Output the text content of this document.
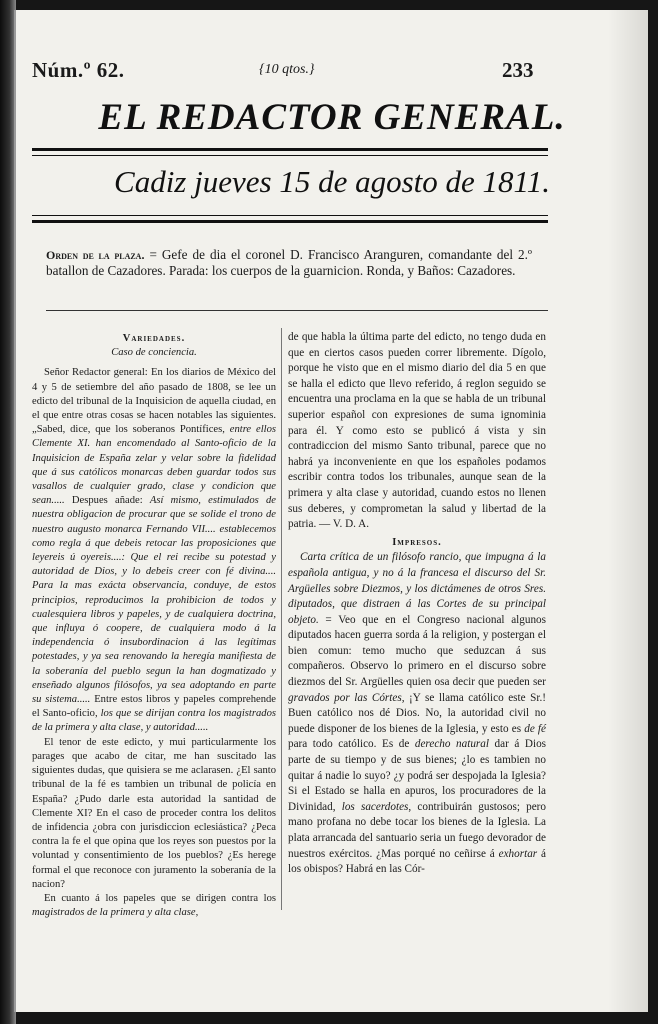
Núm.º 62.	{10 qtos.}	233
EL REDACTOR GENERAL.
Cadiz jueves 15 de agosto de 1811.
Orden de la plaza. = Gefe de dia el coronel D. Francisco Aranguren, comandante del 2.º batallon de Cazadores. Parada: los cuerpos de la guarnicion. Ronda, y Baños: Cazadores.
Variedades.
Caso de conciencia.

Señor Redactor general: En los diarios de México del 4 y 5 de setiembre del año pasado de 1808, se lee un edicto del tribunal de la Inquisicion de aquella ciudad, en el que entre otras cosas se hacen notables las siguientes. „Sabed, dice, que los soberanos Pontífices, entre ellos Clemente XI. han encomendado al Santo-oficio de la Inquisicion de España zelar y velar sobre la fidelidad que á sus católicos monarcas deben guardar todos sus vasallos de cualquier grado, clase y condicion que sean..... Despues añade: Así mismo, estimulados de nuestra obligacion de procurar que se solide el trono de nuestro augusto monarca Fernando VII.... establecemos como regla á que debeis retocar las proposiciones que leyereis ú oyereis....: Que el rei recibe su potestad y autoridad de Dios, y lo debeis creer con fé divina.... Para la mas exácta observancia, conduye, de estos principios, reproducimos la prohibicion de todos y cualesquiera libros y papeles, y de cualquiera doctrina, que influya ó coopere, de cualquiera modo á la independencia ó insubordinacion á las legítimas potestades, y ya sea renovando la heregía manifiesta de la soberanía del pueblo segun la han dogmatizado y enseñado algunos filósofos, ya sea adoptando en parte su sistema..... Entre estos libros y papeles comprehende el Santo-oficio, los que se dirijan contra los magistrados de la primera y alta clase, y autoridad.....

El tenor de este edicto, y mui particularmente los parages que acabo de citar, me han suscitado las siguientes dudas, que quisiera se me aclarasen. ¿El santo tribunal de la fé es tambien un tribunal de policía en España? ¿Pudo darle esta autoridad la santidad de Clemente XI? En el caso de proceder contra los delitos de infidencia ¿obra con jurisdiccion eclesiástica? ¿Peca contra la fe el que opina que los reyes son puestos por la voluntad y consentimiento de los pueblos? ¿Es herege formal el que reconoce con juramento la soberanía de la nacion?

En cuanto á los papeles que se dirigen contra los magistrados de la primera y alta clase,

de que habla la última parte del edicto, no tengo duda en que en ciertos casos pueden correr libremente. Dígolo, porque he visto que en el mismo diario del dia 5 en que se halla el edicto que llevo referido, á reglon seguido se encuentra una proclama en la que se habla de un tribunal superior español con expresiones de suma ignominia para él. Y como esto se publicó á vista y sin contradiccion del mismo Santo tribunal, parece que no habrá ya inconveniente en que los españoles podamos escribir contra todos los tribunales, aunque sean de la primera y alta clase y autoridad, cuando estos no llenen sus deberes, y comprometan la salud y libertad de la patria. — V. D. A.

Impresos.

Carta crítica de un filósofo rancio, que impugna á la española antigua, y no á la francesa el discurso del Sr. Argüelles sobre Diezmos, y los dictámenes de otros Sres. diputados, que distraen á las Cortes de su principal objeto. = Veo que en el Congreso nacional algunos diputados hacen guerra sorda á la religion, y postergan el bien comun: temo mucho que seduzcan á sus compañeros. Observo lo primero en el discurso sobre diezmos del Sr. Argüelles quien osa decir que pueden ser gravados por las Córtes, ¡Y se llama católico este Sr.! Buen católico nos dé Dios. No, la autoridad civil no puede disponer de los bienes de la Iglesia, y esto es de fé para todo católico. Es de derecho natural dar á Dios parte de su tiempo y de sus bienes; ¿lo es tambien no quitar á nadie lo suyo? ¿y podrá ser despojada la Iglesia? Si el Estado se halla en apuros, los procuradores de la Divinidad, los sacerdotes, contribuirán gustosos; pero mano profana no debe tocar los bienes de la Iglesia. La plata arrancada del santuario seria un fuego devorador de nuestros exércitos. ¿Mas porqué no ceñirse á exhortar á los obispos? Habrá en las Cór-
